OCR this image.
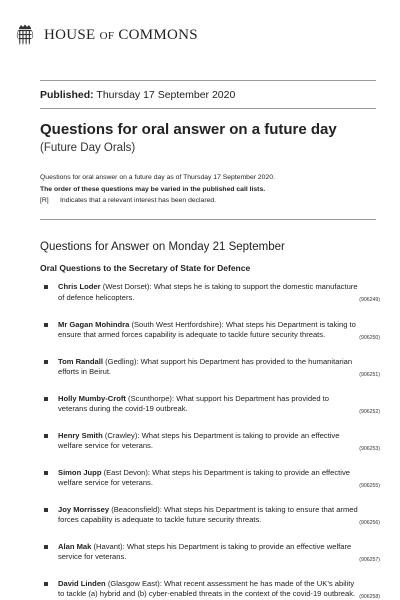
HOUSE OF COMMONS
Published: Thursday 17 September 2020
Questions for oral answer on a future day
(Future Day Orals)
Questions for oral answer on a future day as of Thursday 17 September 2020.
The order of these questions may be varied in the published call lists.
[R] Indicates that a relevant interest has been declared.
Questions for Answer on Monday 21 September
Oral Questions to the Secretary of State for Defence
Chris Loder (West Dorset): What steps he is taking to support the domestic manufacture of defence helicopters.	(906249)
Mr Gagan Mohindra (South West Hertfordshire): What steps his Department is taking to ensure that armed forces capability is adequate to tackle future security threats.	(906250)
Tom Randall (Gedling): What support his Department has provided to the humanitarian efforts in Beirut.	(906251)
Holly Mumby-Croft (Scunthorpe): What support his Department has provided to veterans during the covid-19 outbreak.	(906252)
Henry Smith (Crawley): What steps his Department is taking to provide an effective welfare service for veterans.	(906253)
Simon Jupp (East Devon): What steps his Department is taking to provide an effective welfare service for veterans.	(906255)
Joy Morrissey (Beaconsfield): What steps his Department is taking to ensure that armed forces capability is adequate to tackle future security threats.	(906256)
Alan Mak (Havant): What steps his Department is taking to provide an effective welfare service for veterans.	(906257)
David Linden (Glasgow East): What recent assessment he has made of the UK’s ability to tackle (a) hybrid and (b) cyber-enabled threats in the context of the covid-19 outbreak. (906258)
